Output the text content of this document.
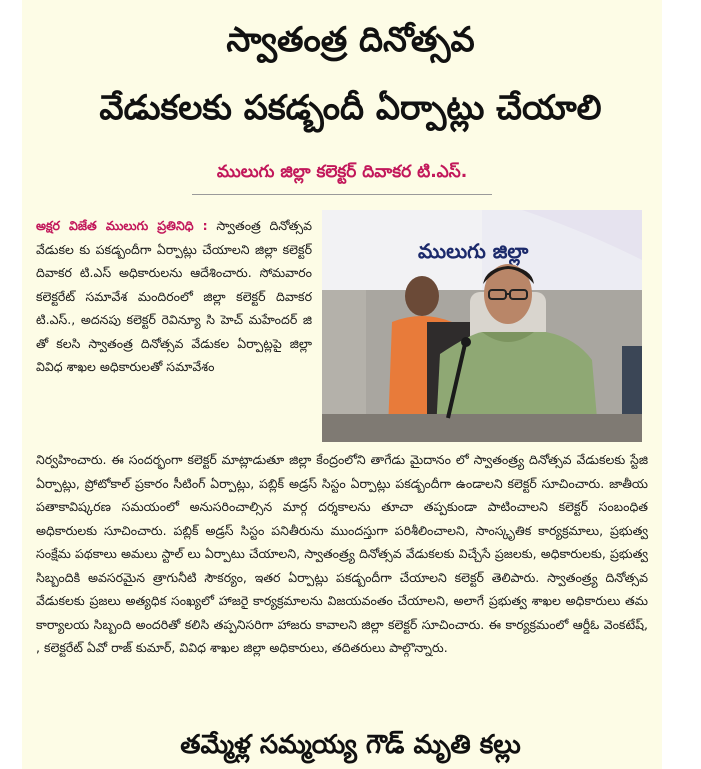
స్వాతంత్ర దినోత్సవ
వేడుకలకు పకడ్బందీ ఏర్పాట్లు చేయాలి
ములుగు జిల్లా కలెక్టర్ దివాకర టి.ఎస్.
ములుగు జిల్లా

అక్షర విజేత ములుగు ప్రతినిధి : స్వాతంత్ర దినోత్సవ వేడుకల కు పకడ్బందీగా ఏర్పాట్లు చేయాలని జిల్లా కలెక్టర్ దివాకర టి.ఎస్ అధికారులను ఆదేశించారు. సోమవారం కలెక్టరేట్ సమావేశ మందిరంలో జిల్లా కలెక్టర్ దివాకర టి.ఎస్., అదనపు కలెక్టర్ రెవిన్యూ సి హెచ్ మహేందర్ జి తో కలసి స్వాతంత్ర దినోత్సవ వేడుకల ఏర్పాట్లపై జిల్లా వివిధ శాఖల అధికారులతో సమావేశం

నిర్వహించారు. ఈ సందర్భంగా కలెక్టర్ మాట్లాడుతూ జిల్లా కేంద్రంలోని తాగేడు మైదానం లో స్వాతంత్ర్య దినోత్సవ వేడుకలకు స్టేజి ఏర్పాట్లు, ప్రోటోకాల్ ప్రకారం సీటింగ్ ఏర్పాట్లు, పబ్లిక్ అడ్రస్ సిస్టం ఏర్పాట్లు పకడ్బందీగా ఉండాలని కలెక్టర్ సూచించారు. జాతీయ పతాకావిష్కరణ సమయంలో అనుసరించాల్సిన మార్గ దర్శకాలను తూచా తప్పకుండా పాటించాలని కలెక్టర్ సంబంధిత అధికారులకు సూచించారు. పబ్లిక్ అడ్రస్ సిస్టం పనితీరును ముందస్తుగా పరిశీలించాలని, సాంస్కృతిక కార్యక్రమాలు, ప్రభుత్వ సంక్షేమ పథకాలు అమలు స్టాల్ లు ఏర్పాటు చేయాలని, స్వాతంత్ర్య దినోత్సవ వేడుకలకు విచ్చేసే ప్రజలకు, అధికారులకు, ప్రభుత్వ సిబ్బందికి అవసరమైన త్రాగునీటి సౌకర్యం, ఇతర ఏర్పాట్లు పకడ్బందీగా చేయాలని కలెక్టర్ తెలిపారు. స్వాతంత్ర్య దినోత్సవ వేడుకలకు ప్రజలు అత్యధిక సంఖ్యలో హాజరై కార్యక్రమాలను విజయవంతం చేయాలని, అలాగే ప్రభుత్వ శాఖల అధికారులు తమ కార్యాలయ సిబ్బంది అందరితో కలిసి తప్పనిసరిగా హాజరు కావాలని జిల్లా కలెక్టర్ సూచించారు. ఈ కార్యక్రమంలో ఆర్డీఓ వెంకటేష్, , కలెక్టరేట్ ఏవో రాజ్ కుమార్, వివిధ శాఖల జిల్లా అధికారులు, తదితరులు పాల్గొన్నారు.

తమ్మేళ్ల సమ్మయ్య గౌడ్ మృతి కల్లు
